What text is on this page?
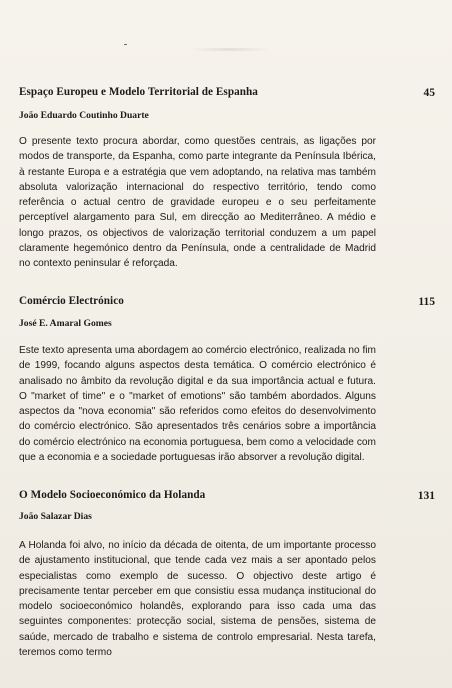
Espaço Europeu e Modelo Territorial de Espanha	45
João Eduardo Coutinho Duarte

O presente texto procura abordar, como questões centrais, as ligações por modos de transporte, da Espanha, como parte integrante da Península Ibérica, à restante Europa e a estratégia que vem adoptando, na relativa mas também absoluta valorização internacional do respectivo território, tendo como referência o actual centro de gravidade europeu e o seu perfeitamente perceptível alargamento para Sul, em direcção ao Mediterrâneo. A médio e longo prazos, os objectivos de valorização territorial conduzem a um papel claramente hegemónico dentro da Península, onde a centralidade de Madrid no contexto peninsular é reforçada.

Comércio Electrónico	115
José E. Amaral Gomes

Este texto apresenta uma abordagem ao comércio electrónico, realizada no fim de 1999, focando alguns aspectos desta temática. O comércio electrónico é analisado no âmbito da revolução digital e da sua importância actual e futura. O "market of time" e o "market of emotions" são também abordados. Alguns aspectos da "nova economia" são referidos como efeitos do desenvolvimento do comércio electrónico. São apresentados três cenários sobre a importância do comércio electrónico na economia portuguesa, bem como a velocidade com que a economia e a sociedade portuguesas irão absorver a revolução digital.

O Modelo Socioeconómico da Holanda	131
João Salazar Dias

A Holanda foi alvo, no início da década de oitenta, de um importante processo de ajustamento institucional, que tende cada vez mais a ser apontado pelos especialistas como exemplo de sucesso. O objectivo deste artigo é precisamente tentar perceber em que consistiu essa mudança institucional do modelo socioeconómico holandês, explorando para isso cada uma das seguintes componentes: protecção social, sistema de pensões, sistema de saúde, mercado de trabalho e sistema de controlo empresarial. Nesta tarefa, teremos como termo
